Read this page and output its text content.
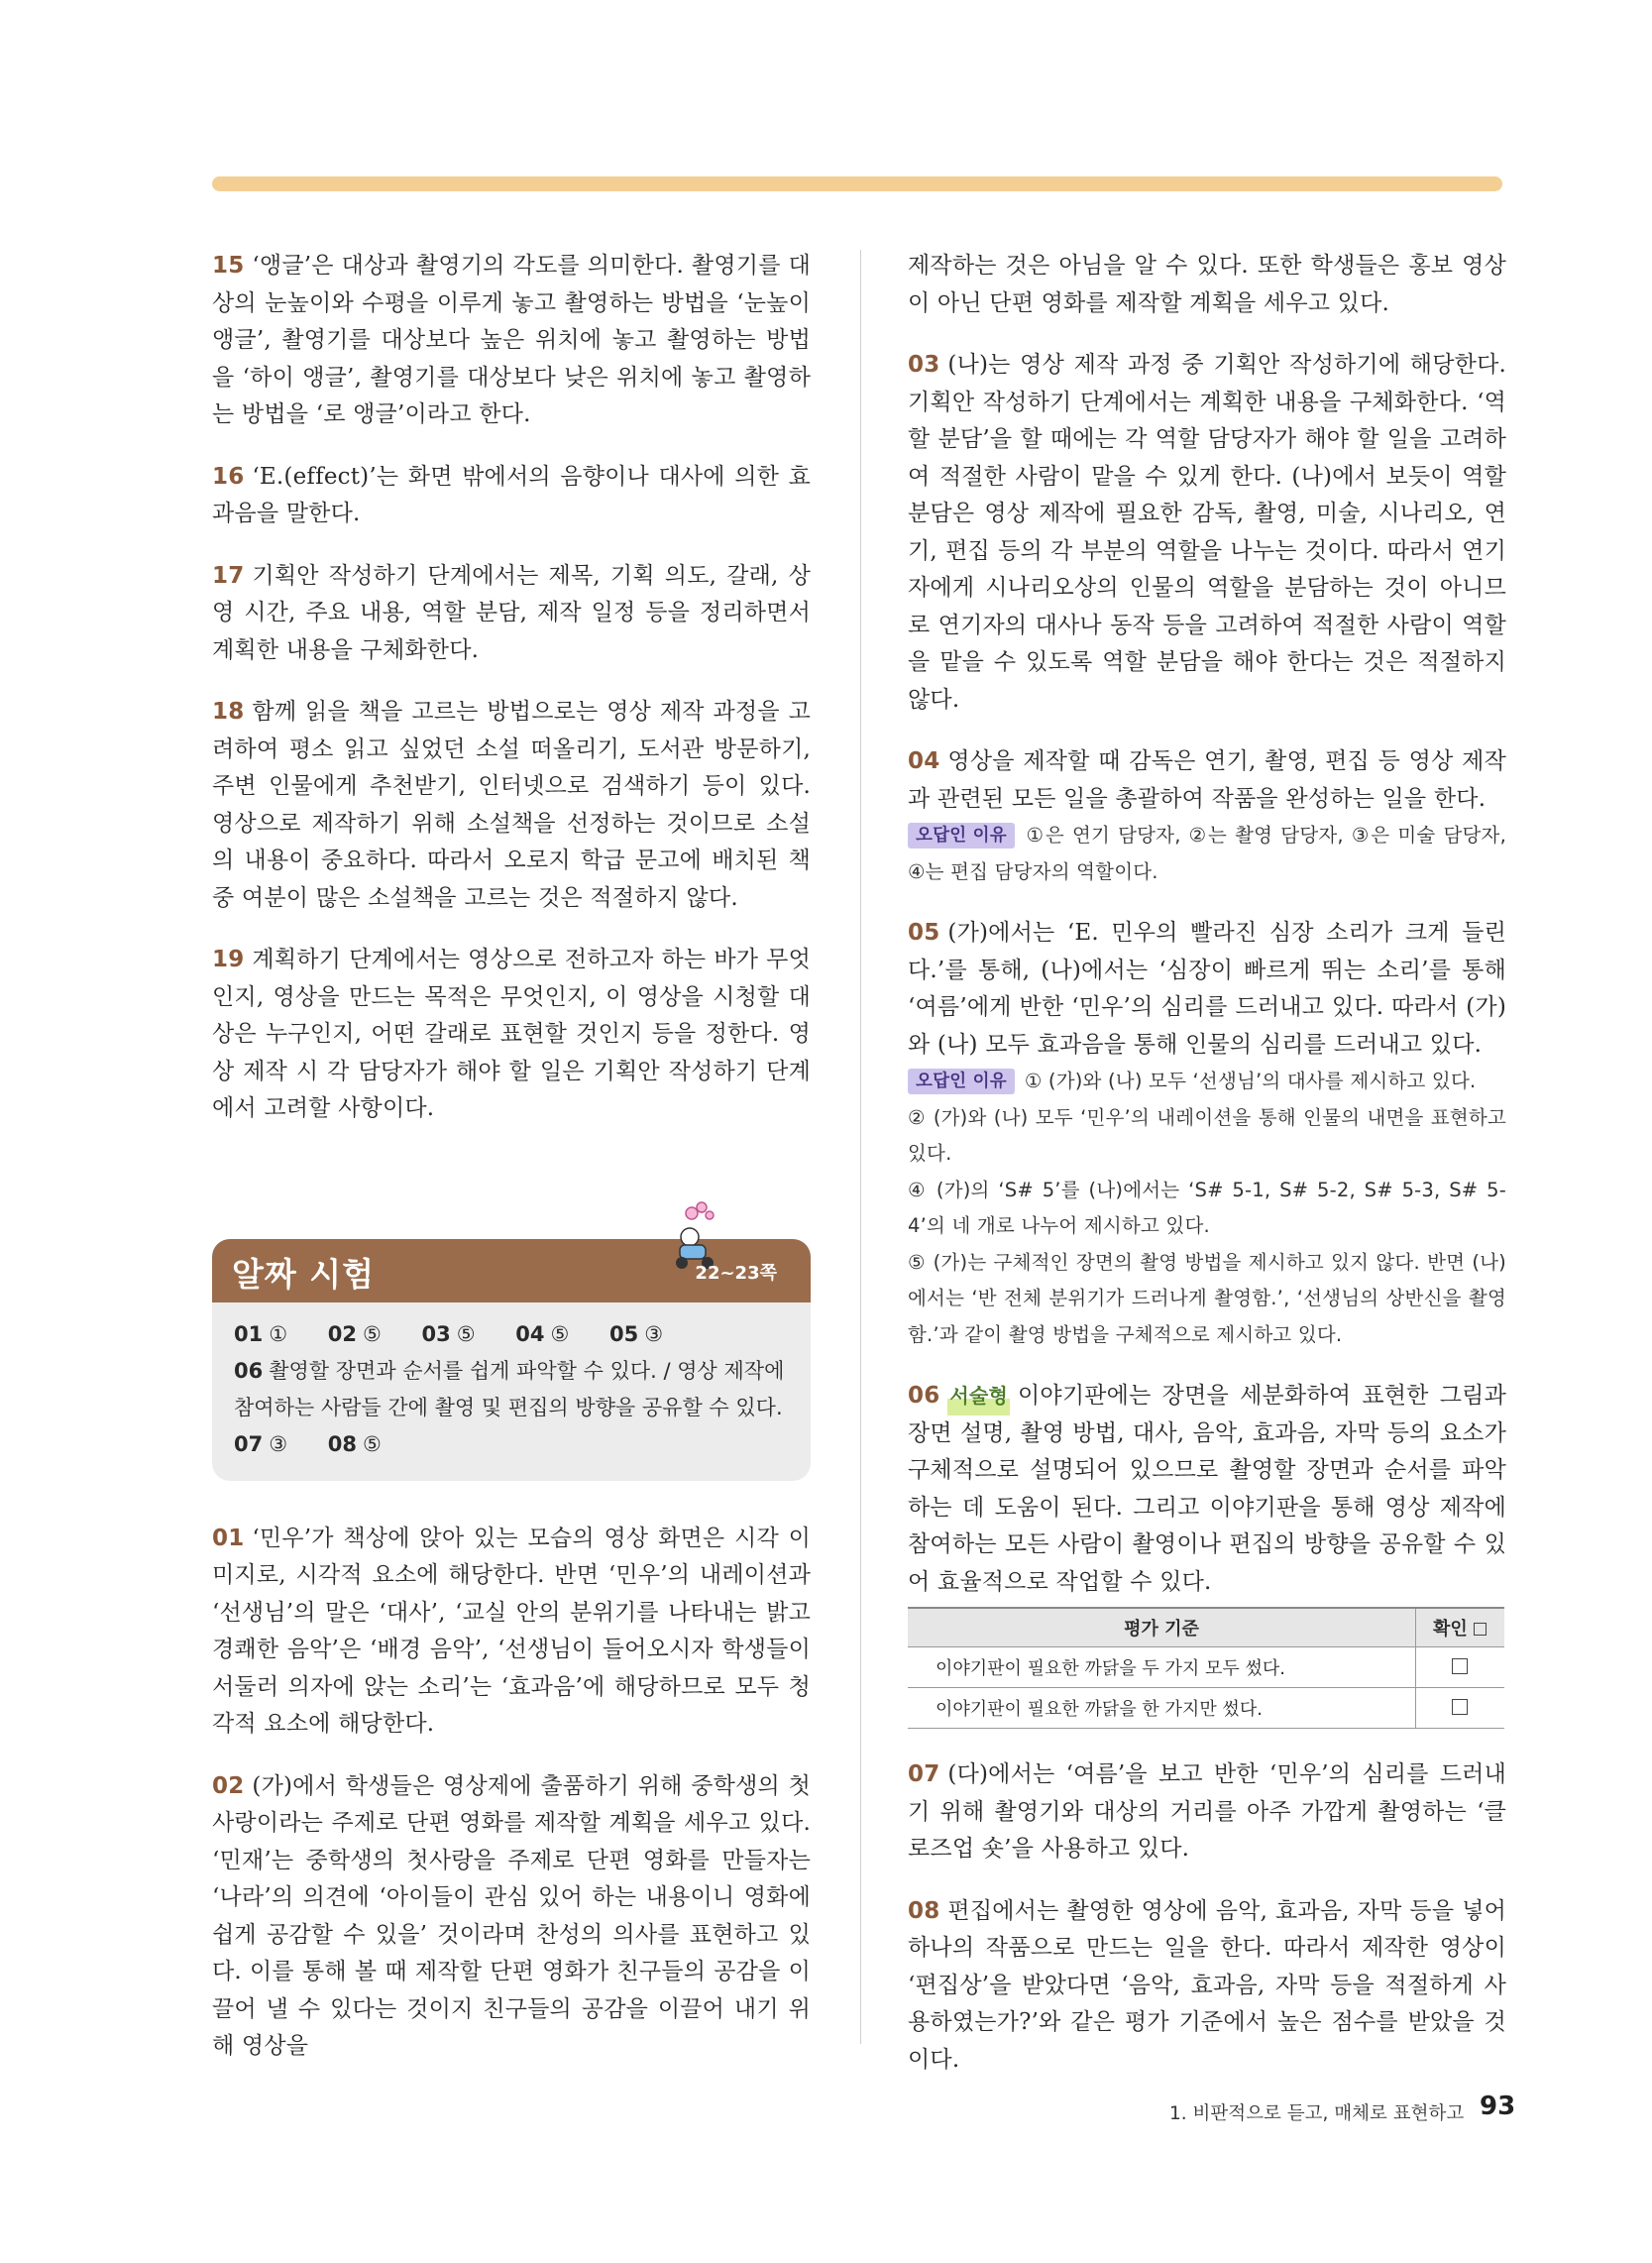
15 ‘앵글’은 대상과 촬영기의 각도를 의미한다. 촬영기를 대상의 눈높이와 수평을 이루게 놓고 촬영하는 방법을 ‘눈높이 앵글’, 촬영기를 대상보다 높은 위치에 놓고 촬영하는 방법을 ‘하이 앵글’, 촬영기를 대상보다 낮은 위치에 놓고 촬영하는 방법을 ‘로 앵글’이라고 한다.

16 ‘E.(effect)’는 화면 밖에서의 음향이나 대사에 의한 효과음을 말한다.

17 기획안 작성하기 단계에서는 제목, 기획 의도, 갈래, 상영 시간, 주요 내용, 역할 분담, 제작 일정 등을 정리하면서 계획한 내용을 구체화한다.

18 함께 읽을 책을 고르는 방법으로는 영상 제작 과정을 고려하여 평소 읽고 싶었던 소설 떠올리기, 도서관 방문하기, 주변 인물에게 추천받기, 인터넷으로 검색하기 등이 있다. 영상으로 제작하기 위해 소설책을 선정하는 것이므로 소설의 내용이 중요하다. 따라서 오로지 학급 문고에 배치된 책 중 여분이 많은 소설책을 고르는 것은 적절하지 않다.

19 계획하기 단계에서는 영상으로 전하고자 하는 바가 무엇인지, 영상을 만드는 목적은 무엇인지, 이 영상을 시청할 대상은 누구인지, 어떤 갈래로 표현할 것인지 등을 정한다. 영상 제작 시 각 담당자가 해야 할 일은 기획안 작성하기 단계에서 고려할 사항이다.

알짜 시험	22~23쪽
01 ① 02 ⑤ 03 ⑤ 04 ⑤ 05 ③
06 촬영할 장면과 순서를 쉽게 파악할 수 있다. / 영상 제작에 참여하는 사람들 간에 촬영 및 편집의 방향을 공유할 수 있다.
07 ③ 08 ⑤

01 ‘민우’가 책상에 앉아 있는 모습의 영상 화면은 시각 이미지로, 시각적 요소에 해당한다. 반면 ‘민우’의 내레이션과 ‘선생님’의 말은 ‘대사’, ‘교실 안의 분위기를 나타내는 밝고 경쾌한 음악’은 ‘배경 음악’, ‘선생님이 들어오시자 학생들이 서둘러 의자에 앉는 소리’는 ‘효과음’에 해당하므로 모두 청각적 요소에 해당한다.

02 (가)에서 학생들은 영상제에 출품하기 위해 중학생의 첫사랑이라는 주제로 단편 영화를 제작할 계획을 세우고 있다. ‘민재’는 중학생의 첫사랑을 주제로 단편 영화를 만들자는 ‘나라’의 의견에 ‘아이들이 관심 있어 하는 내용이니 영화에 쉽게 공감할 수 있을’ 것이라며 찬성의 의사를 표현하고 있다. 이를 통해 볼 때 제작할 단편 영화가 친구들의 공감을 이끌어 낼 수 있다는 것이지 친구들의 공감을 이끌어 내기 위해 영상을

제작하는 것은 아님을 알 수 있다. 또한 학생들은 홍보 영상이 아닌 단편 영화를 제작할 계획을 세우고 있다.

03 (나)는 영상 제작 과정 중 기획안 작성하기에 해당한다. 기획안 작성하기 단계에서는 계획한 내용을 구체화한다. ‘역할 분담’을 할 때에는 각 역할 담당자가 해야 할 일을 고려하여 적절한 사람이 맡을 수 있게 한다. (나)에서 보듯이 역할 분담은 영상 제작에 필요한 감독, 촬영, 미술, 시나리오, 연기, 편집 등의 각 부분의 역할을 나누는 것이다. 따라서 연기자에게 시나리오상의 인물의 역할을 분담하는 것이 아니므로 연기자의 대사나 동작 등을 고려하여 적절한 사람이 역할을 맡을 수 있도록 역할 분담을 해야 한다는 것은 적절하지 않다.

04 영상을 제작할 때 감독은 연기, 촬영, 편집 등 영상 제작과 관련된 모든 일을 총괄하여 작품을 완성하는 일을 한다.
오답인 이유 ①은 연기 담당자, ②는 촬영 담당자, ③은 미술 담당자, ④는 편집 담당자의 역할이다.
05 (가)에서는 ‘E. 민우의 빨라진 심장 소리가 크게 들린다.’를 통해, (나)에서는 ‘심장이 빠르게 뛰는 소리’를 통해 ‘여름’에게 반한 ‘민우’의 심리를 드러내고 있다. 따라서 (가)와 (나) 모두 효과음을 통해 인물의 심리를 드러내고 있다.
오답인 이유 ① (가)와 (나) 모두 ‘선생님’의 대사를 제시하고 있다.
② (가)와 (나) 모두 ‘민우’의 내레이션을 통해 인물의 내면을 표현하고 있다.
④ (가)의 ‘S# 5’를 (나)에서는 ‘S# 5-1, S# 5-2, S# 5-3, S# 5-4’의 네 개로 나누어 제시하고 있다.
⑤ (가)는 구체적인 장면의 촬영 방법을 제시하고 있지 않다. 반면 (나)에서는 ‘반 전체 분위기가 드러나게 촬영함.’, ‘선생님의 상반신을 촬영함.’과 같이 촬영 방법을 구체적으로 제시하고 있다.
06 서술형 이야기판에는 장면을 세분화하여 표현한 그림과 장면 설명, 촬영 방법, 대사, 음악, 효과음, 자막 등의 요소가 구체적으로 설명되어 있으므로 촬영할 장면과 순서를 파악하는 데 도움이 된다. 그리고 이야기판을 통해 영상 제작에 참여하는 모든 사람이 촬영이나 편집의 방향을 공유할 수 있어 효율적으로 작업할 수 있다.
평가 기준	확인
이야기판이 필요한 까닭을 두 가지 모두 썼다.	
이야기판이 필요한 까닭을 한 가지만 썼다.	

07 (다)에서는 ‘여름’을 보고 반한 ‘민우’의 심리를 드러내기 위해 촬영기와 대상의 거리를 아주 가깝게 촬영하는 ‘클로즈업 숏’을 사용하고 있다.

08 편집에서는 촬영한 영상에 음악, 효과음, 자막 등을 넣어 하나의 작품으로 만드는 일을 한다. 따라서 제작한 영상이 ‘편집상’을 받았다면 ‘음악, 효과음, 자막 등을 적절하게 사용하였는가?’와 같은 평가 기준에서 높은 점수를 받았을 것이다.

1. 비판적으로 듣고, 매체로 표현하고 93
